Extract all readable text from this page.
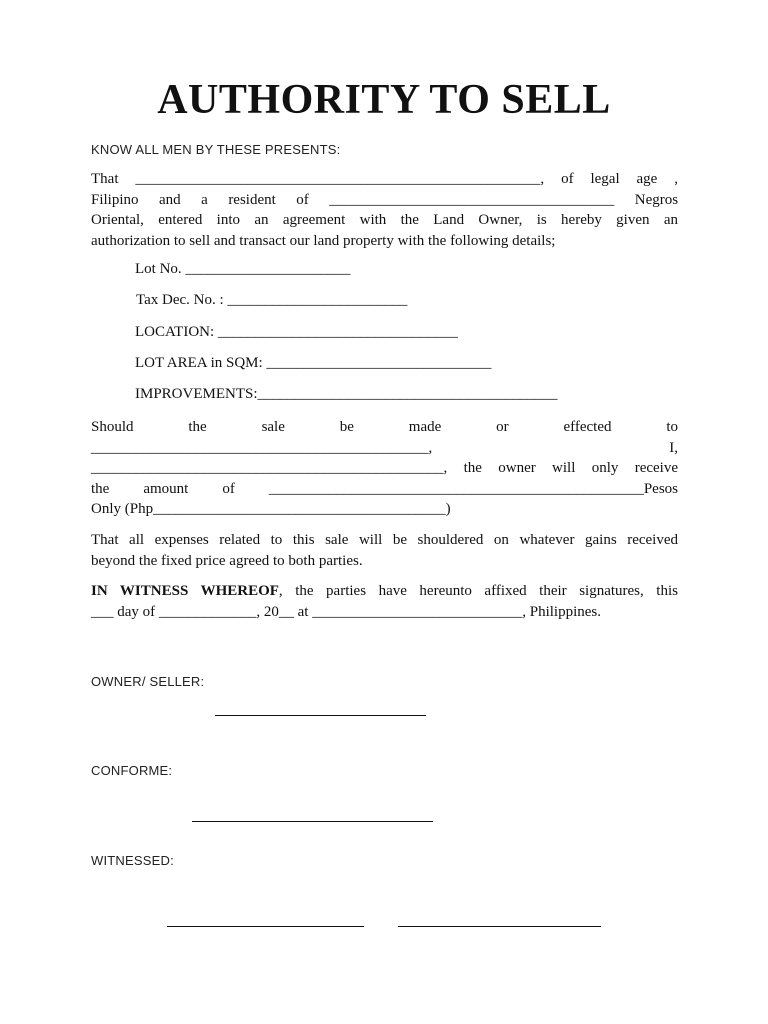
AUTHORITY TO SELL
KNOW ALL MEN BY THESE PRESENTS:
That ______________________________________________________, of legal age ,
Filipino and a resident of ______________________________________ Negros
Oriental, entered into an agreement with the Land Owner, is hereby given an
authorization to sell and transact our land property with the following details;
Lot No. ______________________
Tax Dec. No. : ________________________
LOCATION: ________________________________
LOT AREA in SQM: ______________________________
IMPROVEMENTS:________________________________________
Should	the	sale	be	made	or	effected	to
_____________________________________________,	I,
_______________________________________________, the owner will only receive
the amount of __________________________________________________Pesos
Only (Php_______________________________________)
That all expenses related to this sale will be shouldered on whatever gains received
beyond the fixed price agreed to both parties.
IN WITNESS WHEREOF, the parties have hereunto affixed their signatures, this
___ day of _____________, 20__ at ____________________________, Philippines.
OWNER/ SELLER:
CONFORME:
WITNESSED:
